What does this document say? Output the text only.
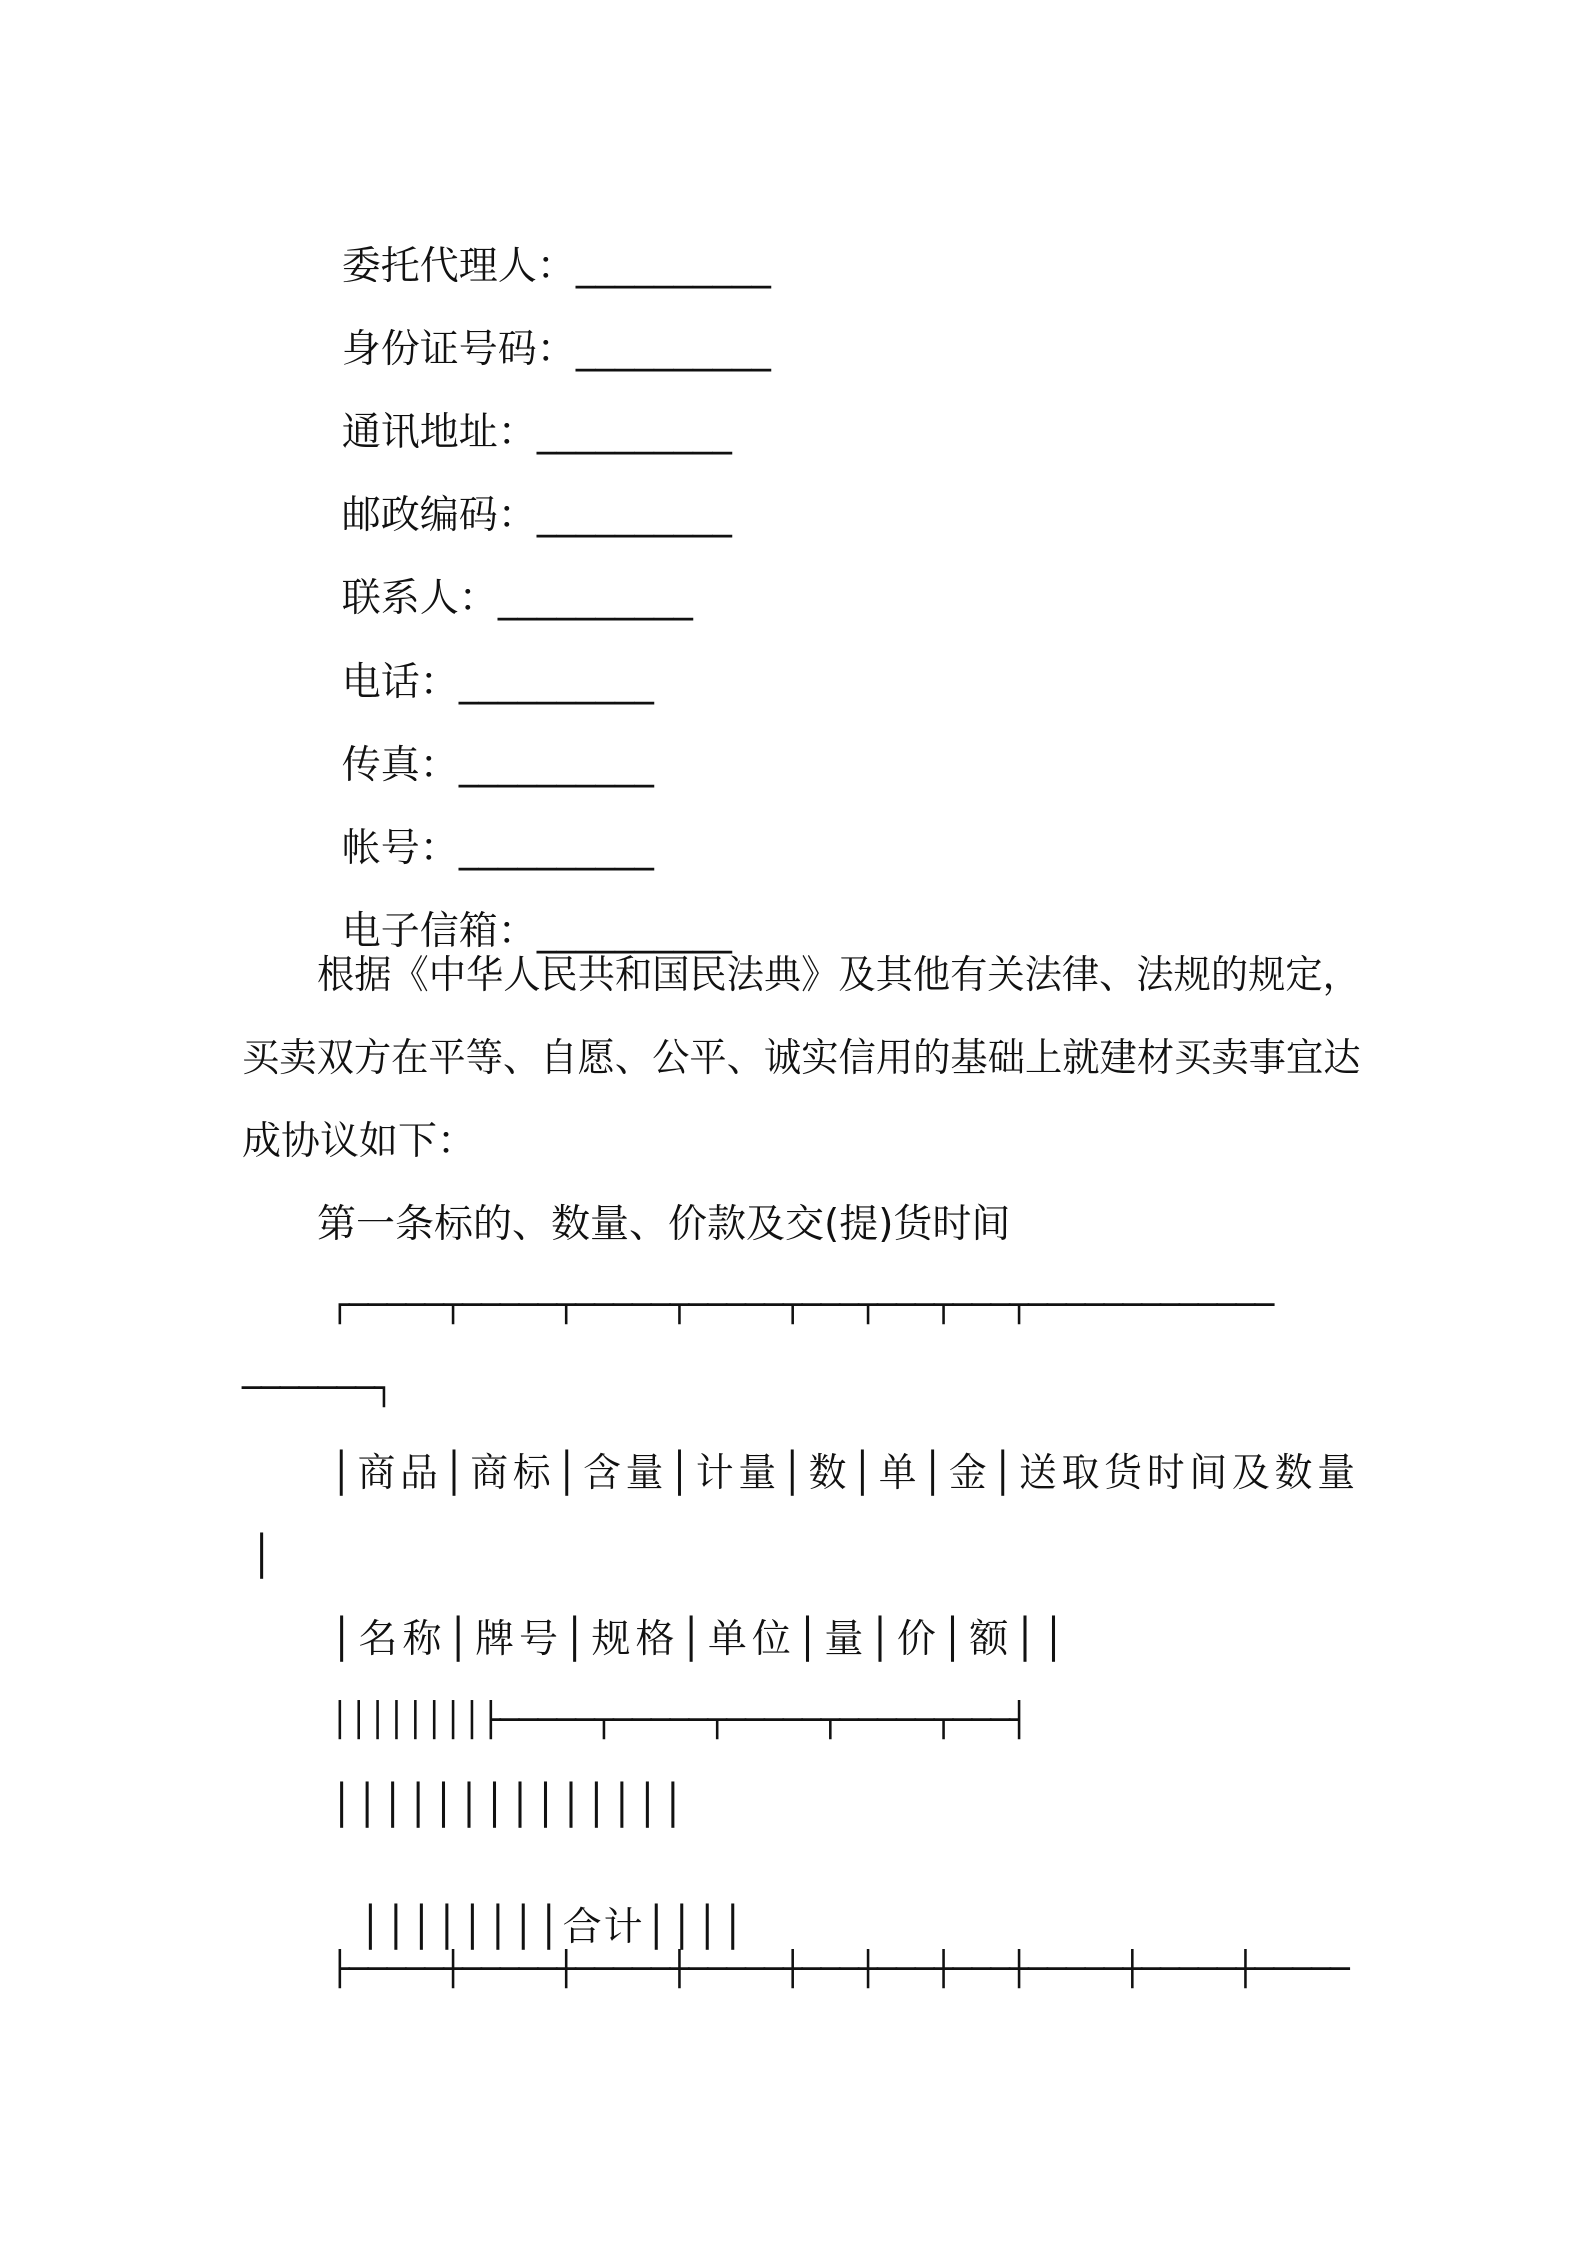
委托代理人：__________

身份证号码：__________

通讯地址：__________

邮政编码：__________

联系人：__________

电话：__________

传真：__________

帐号：__________

电子信箱：__________

根据《中华人民共和国民法典》及其他有关法律、法规的规定，
买卖双方在平等、自愿、公平、诚实信用的基础上就建材买卖事宜达
成协议如下：
第一条标的、数量、价款及交(提)货时间
┌─────┬─────┬─────┬─────┬───┬───┬───┬─────────────
───────┐
│商品│商标│含量│计量│数│单│金│送取货时间及数量
│
│名称│牌号│规格│单位│量│价│额││
││││││││├─────┬─────┬─────┬─────┬───┤
││││││││││││││

││││││││合计││││

├─────┼─────┼─────┼─────┼───┼───┼───┼─────┼─────┼─────
